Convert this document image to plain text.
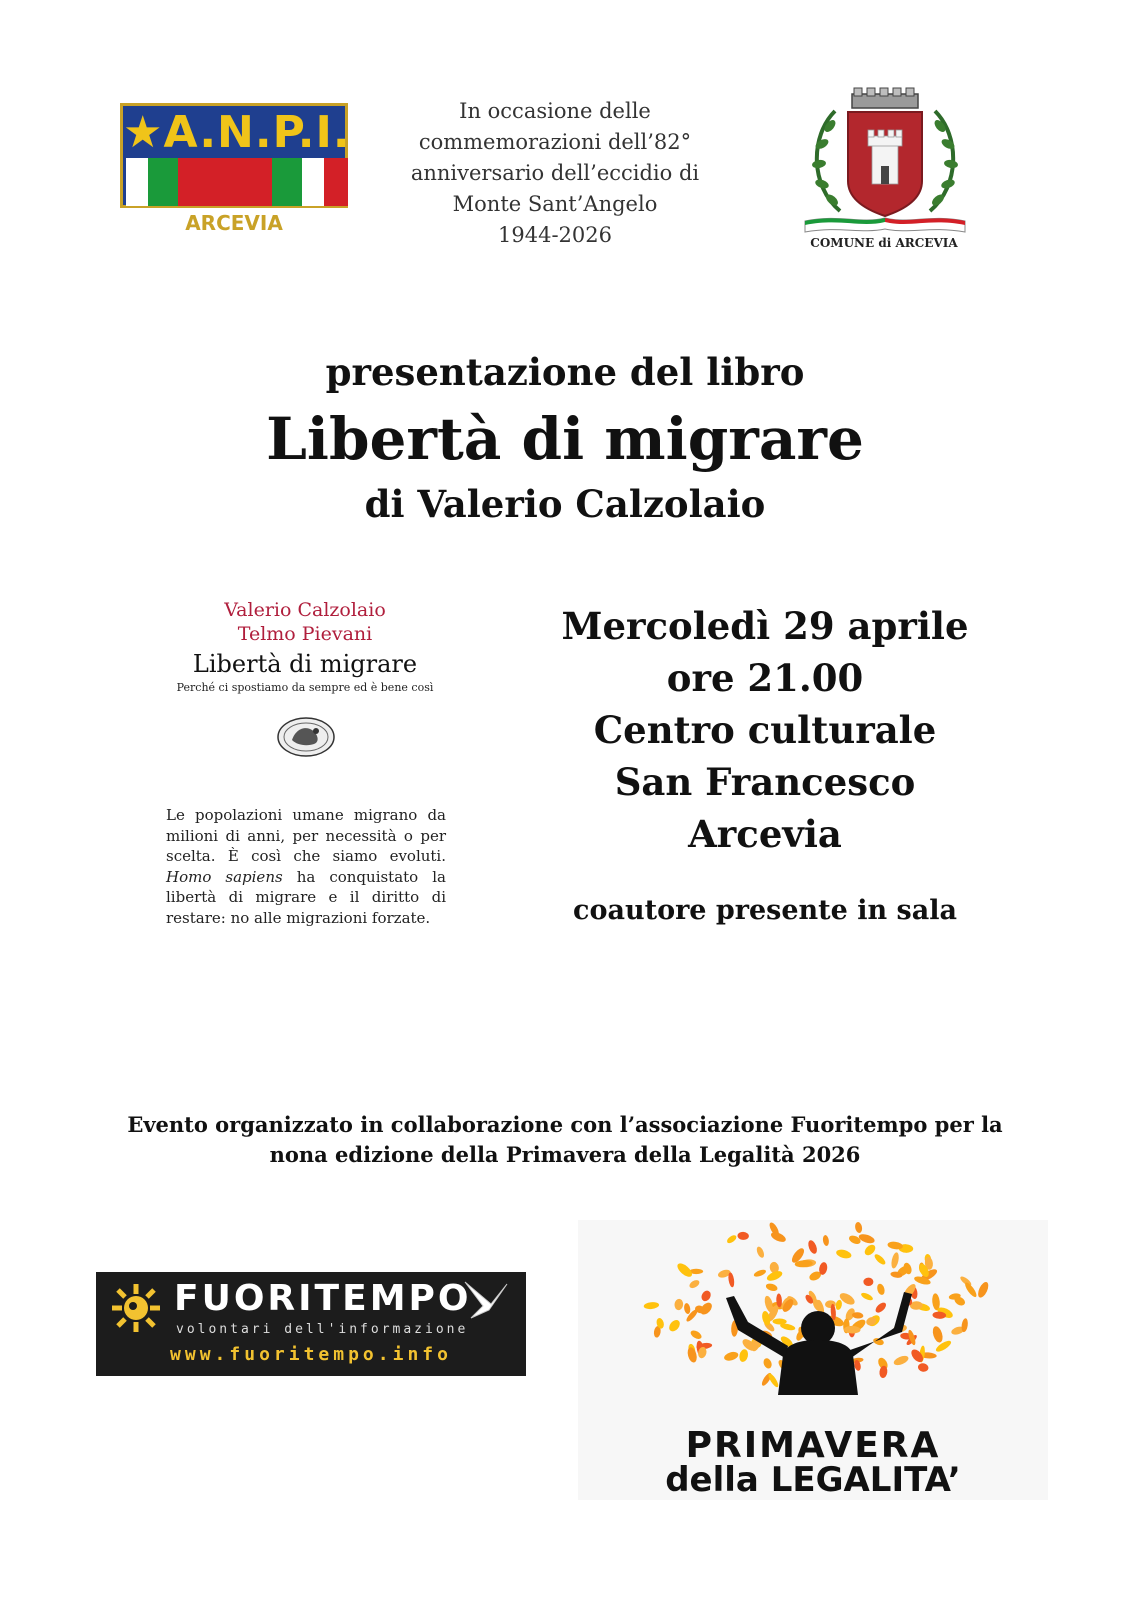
★A.N.P.I.
ARCEVIA
In occasione delle
commemorazioni dell’82°
anniversario dell’eccidio di
Monte Sant’Angelo
1944-2026	COMUNE di ARCEVIA
presentazione del libro
Libertà di migrare
di Valerio Calzolaio
Valerio Calzolaio
Telmo Pievani
Libertà di migrare
Perché ci spostiamo da sempre ed è bene così
Le popolazioni umane migrano da milioni di anni, per necessità o per scelta. È così che siamo evoluti. Homo sapiens ha conquistato la libertà di migrare e il diritto di restare: no alle migrazioni forzate.
Mercoledì 29 aprile
ore 21.00
Centro culturale
San Francesco
Arcevia
coautore presente in sala
Evento organizzato in collaborazione con l’associazione Fuoritempo per la
nona edizione della Primavera della Legalità 2026
FUORITEMPO
volontari dell'informazione
www.fuoritempo.info
PRIMAVERA
della LEGALITA’
